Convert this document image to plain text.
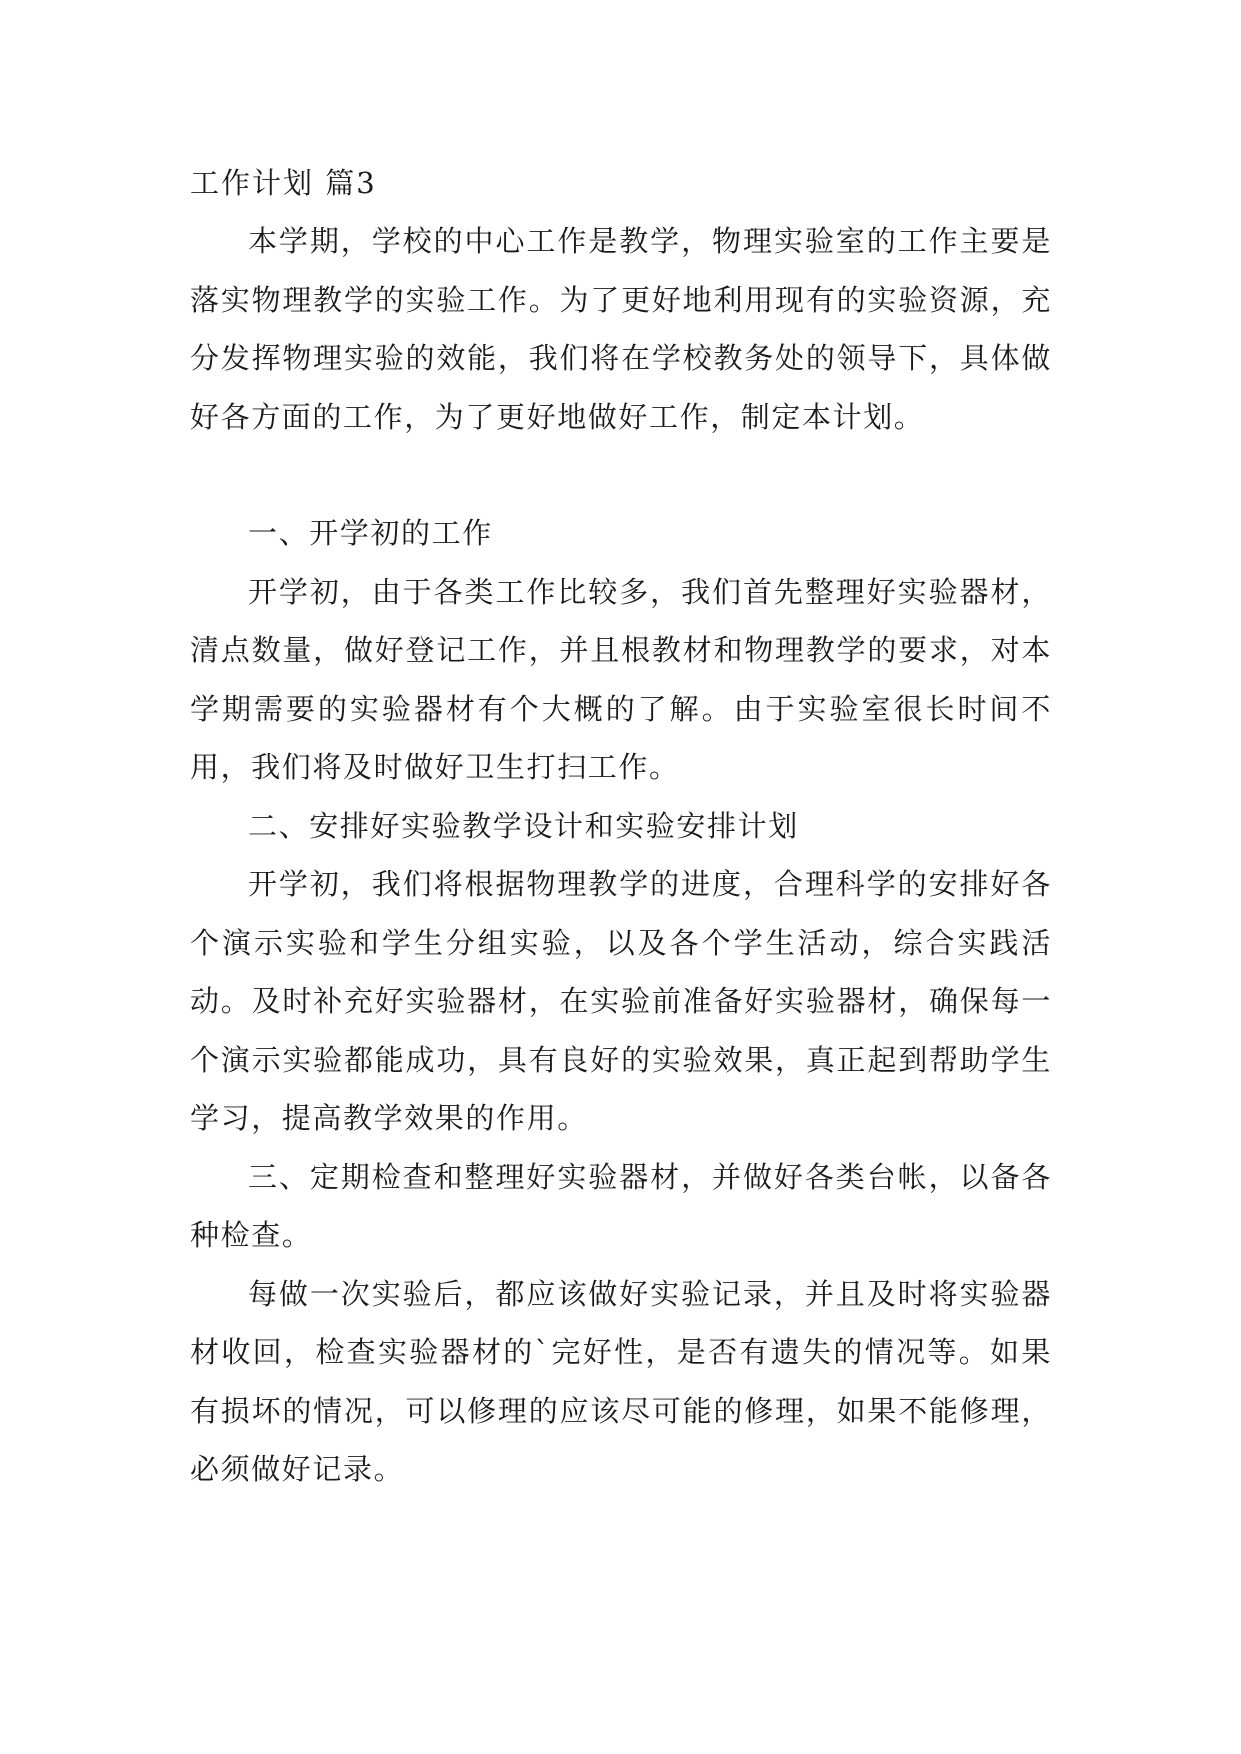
工作计划 篇3

本学期，学校的中心工作是教学，物理实验室的工作主要是落实物理教学的实验工作。为了更好地利用现有的实验资源，充分发挥物理实验的效能，我们将在学校教务处的领导下，具体做好各方面的工作，为了更好地做好工作，制定本计划。

一、开学初的工作

开学初，由于各类工作比较多，我们首先整理好实验器材，清点数量，做好登记工作，并且根教材和物理教学的要求，对本学期需要的实验器材有个大概的了解。由于实验室很长时间不用，我们将及时做好卫生打扫工作。

二、安排好实验教学设计和实验安排计划

开学初，我们将根据物理教学的进度，合理科学的安排好各个演示实验和学生分组实验，以及各个学生活动，综合实践活动。及时补充好实验器材，在实验前准备好实验器材，确保每一个演示实验都能成功，具有良好的实验效果，真正起到帮助学生学习，提高教学效果的作用。

三、定期检查和整理好实验器材，并做好各类台帐，以备各种检查。

每做一次实验后，都应该做好实验记录，并且及时将实验器材收回，检查实验器材的`完好性，是否有遗失的情况等。如果有损坏的情况，可以修理的应该尽可能的修理，如果不能修理，必须做好记录。
